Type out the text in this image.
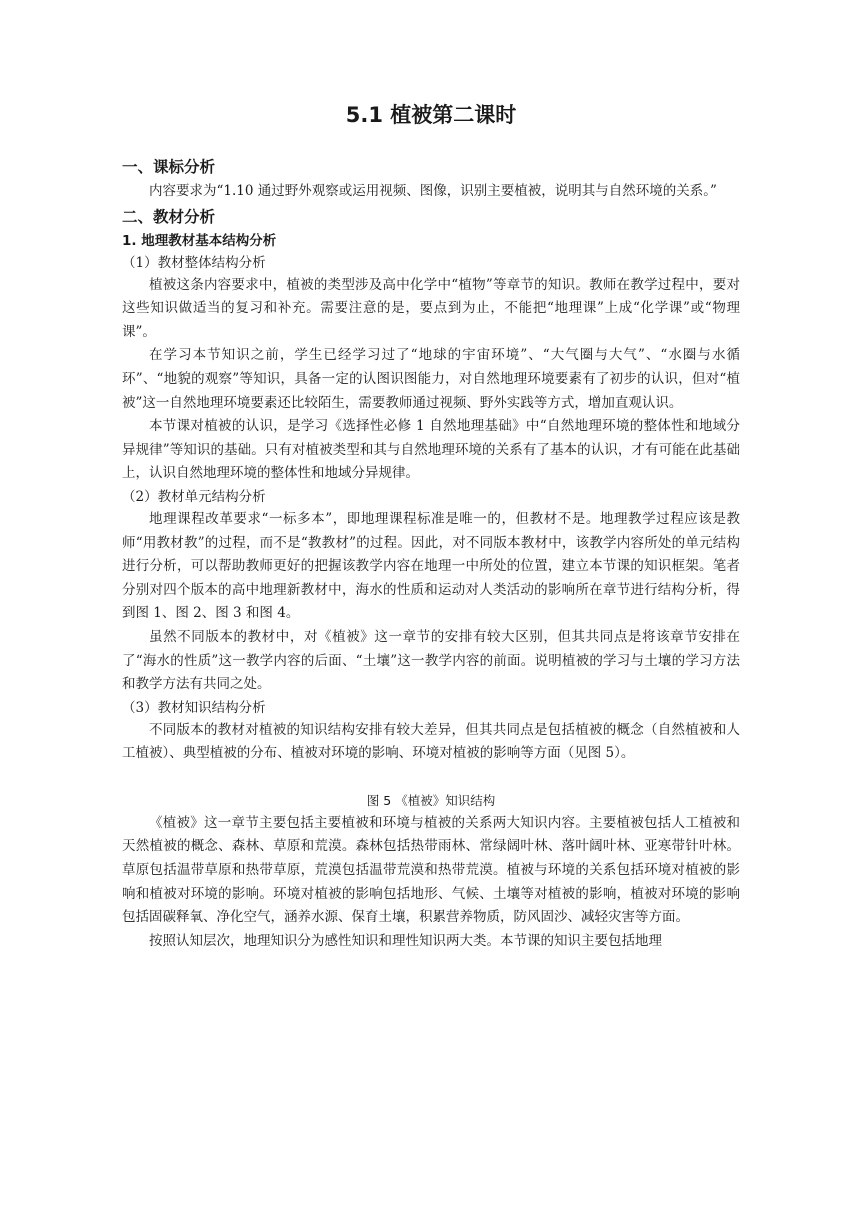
5.1 植被第二课时
一、课标分析
内容要求为“1.10 通过野外观察或运用视频、图像，识别主要植被，说明其与自然环境的关系。”
二、教材分析
1. 地理教材基本结构分析
（1）教材整体结构分析
植被这条内容要求中，植被的类型涉及高中化学中“植物”等章节的知识。教师在教学过程中，要对这些知识做适当的复习和补充。需要注意的是，要点到为止，不能把“地理课”上成“化学课”或“物理课”。
在学习本节知识之前，学生已经学习过了“地球的宇宙环境”、“大气圈与大气”、“水圈与水循环”、“地貌的观察”等知识，具备一定的认图识图能力，对自然地理环境要素有了初步的认识，但对“植被”这一自然地理环境要素还比较陌生，需要教师通过视频、野外实践等方式，增加直观认识。
本节课对植被的认识，是学习《选择性必修 1 自然地理基础》中“自然地理环境的整体性和地域分异规律”等知识的基础。只有对植被类型和其与自然地理环境的关系有了基本的认识，才有可能在此基础上，认识自然地理环境的整体性和地域分异规律。
（2）教材单元结构分析
地理课程改革要求“一标多本”，即地理课程标准是唯一的，但教材不是。地理教学过程应该是教师“用教材教”的过程，而不是“教教材”的过程。因此，对不同版本教材中，该教学内容所处的单元结构进行分析，可以帮助教师更好的把握该教学内容在地理一中所处的位置，建立本节课的知识框架。笔者分别对四个版本的高中地理新教材中，海水的性质和运动对人类活动的影响所在章节进行结构分析，得到图 1、图 2、图 3 和图 4。
虽然不同版本的教材中，对《植被》这一章节的安排有较大区别，但其共同点是将该章节安排在了“海水的性质”这一教学内容的后面、“土壤”这一教学内容的前面。说明植被的学习与土壤的学习方法和教学方法有共同之处。
（3）教材知识结构分析
不同版本的教材对植被的知识结构安排有较大差异，但其共同点是包括植被的概念（自然植被和人工植被）、典型植被的分布、植被对环境的影响、环境对植被的影响等方面（见图 5）。
图 5 《植被》知识结构
《植被》这一章节主要包括主要植被和环境与植被的关系两大知识内容。主要植被包括人工植被和天然植被的概念、森林、草原和荒漠。森林包括热带雨林、常绿阔叶林、落叶阔叶林、亚寒带针叶林。草原包括温带草原和热带草原，荒漠包括温带荒漠和热带荒漠。植被与环境的关系包括环境对植被的影响和植被对环境的影响。环境对植被的影响包括地形、气候、土壤等对植被的影响，植被对环境的影响包括固碳释氧、净化空气，涵养水源、保育土壤，积累营养物质，防风固沙、减轻灾害等方面。
按照认知层次，地理知识分为感性知识和理性知识两大类。本节课的知识主要包括地理
